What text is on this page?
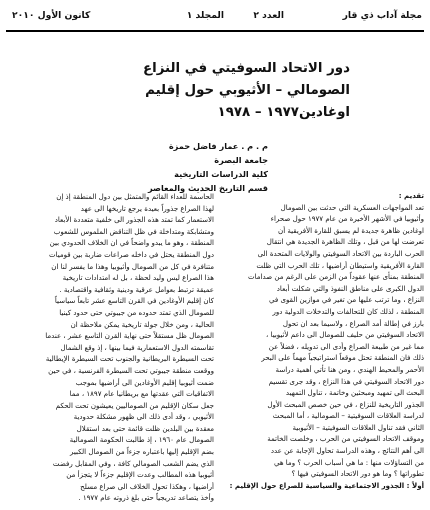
مجلة آداب ذي قار
العدد ٢
المجلد ١
كانون الأول ٢٠١٠
دور الاتحاد السوفيتي في النزاع
الصومالي – الأثيوبي حول إقليم
اوغادين١٩٧٧ – ١٩٧٨
م . م . عمار فاضل حمزة
جامعة البصرة
كلية الدراسات التاريخية
قسم التاريخ الحديث والمعاصر
تقديم :
تعد المواجهات العسكرية التي حدثت بين الصومال
وأثيوبيا في الأشهر الأخيرة من عام ١٩٧٧ حول صحراء
اوغادين ظاهرة جديدة لم يسبق للقارة الأفريقية أن
تعرضت لها من قبل ، وتلك الظاهرة الجديدة هي انتقال
الحرب الباردة بين الاتحاد السوفيتي والولايات المتحدة الى
القارة الأفريقية واستيطان أراضيها ، تلك الحرب التي ظلت
المنطقة بمنأى عنها عقوداً من الزمن على الرغم من صدامات
الدول الكبرى على مناطق النفوذ والتي شكلت أبعاد
النزاع ، وما ترتب عليها من تغير في موازين القوى في
المنطقة ، لذلك كان للتحالفات والتدخلات الدولية دور
بارز في إطالة أمد الصراع ، ولاسيما بعد ان تحول
الاتحاد السوفيتي من حليف للصومال الى داعم لأثيوبيا ،
مما غير من طبيعة الصراع وأدى الى تدويله ، فضلاً عن
ذلك فان المنطقة تحتل موقعاً استراتيجياً مهماً على البحر
الأحمر والمحيط الهندي ، ومن هنا تأتي أهمية دراسة
دور الاتحاد السوفيتي في هذا النزاع ، وقد جرى تقسيم
البحث الى تمهيد ومبحثين وخاتمة ، تناول التمهيد
الجذور التاريخية للنزاع ، في حين خصص المبحث الأول
لدراسة العلاقات السوفيتية – الصومالية ، أما المبحث
الثاني فقد تناول العلاقات السوفيتية – الأثيوبية
وموقف الاتحاد السوفيتي من الحرب ، وخلصت الخاتمة
الى أهم النتائج ، وهذه الدراسة تحاول الإجابة عن عدد
من التساؤلات منها : ما هي أسباب الحرب ؟ وما هي
تطوراتها ؟ وما هو دور الاتحاد السوفيتي فيها ؟
أولاً : الجذور الاجتماعية والسياسية للصراع حول الإقليم :
الحاسمة للعداء القائم والمتمثل بين دول المنطقة إذ إن
لهذا الصراع جذوراً بعيدة يرجع تاريخها الى عهد
الاستعمار كما تمتد هذه الجذور الى خلفية متعددة الأبعاد
ومتشابكة ومتداخلة في ظل التناقض الملموس للشعوب
المنطقة ، وهو ما يبدو واضحاً في ان الخلاف الحدودي بين
دول المنطقة يحتل في داخله صراعات ضاربة بين قوميات
متنافرة في كل من الصومال وأثيوبيا وهذا ما يفسر لنا ان
هذا الصراع ليس وليد لحظة ، بل له امتدادات تاريخية
عميقة ترتبط بعوامل عرقية ودينية وثقافية واقتصادية .
كان إقليم الأوغادين في القرن التاسع عشر تابعاً سياسياً
للصومال الذي تمتد حدوده من جيبوتي حتى حدود كينيا
الحالية ، ومن خلال جولة تاريخية يمكن ملاحظة ان
الصومال ظل مستقلاً حتى نهاية القرن التاسع عشر ، عندما
تقاسمته الدول الاستعمارية فيما بينها ، إذ وقع الشمال
تحت السيطرة البريطانية والجنوب تحت السيطرة الإيطالية
ووقعت منطقة جيبوتي تحت السيطرة الفرنسية ، في حين
ضمت أثيوبيا إقليم الأوغادين الى أراضيها بموجب
الاتفاقيات التي عقدتها مع بريطانيا عام ١٨٩٧ ، مما
جعل سكان الإقليم من الصوماليين يعيشون تحت الحكم
الأثيوبي ، وقد أدى ذلك الى ظهور مشكلة حدودية
معقدة بين البلدين ظلت قائمة حتى بعد استقلال
الصومال عام ١٩٦٠ ، إذ طالبت الحكومة الصومالية
بضم الإقليم إليها باعتباره جزءاً من الصومال الكبير
الذي يضم الشعب الصومالي كافة ، وفي المقابل رفضت
أثيوبيا هذه المطالب وعدت الإقليم جزءاً لا يتجزأ من
أراضيها ، وهكذا تحول الخلاف الى صراع مسلح
وأخذ يتصاعد تدريجياً حتى بلغ ذروته عام ١٩٧٧ .
